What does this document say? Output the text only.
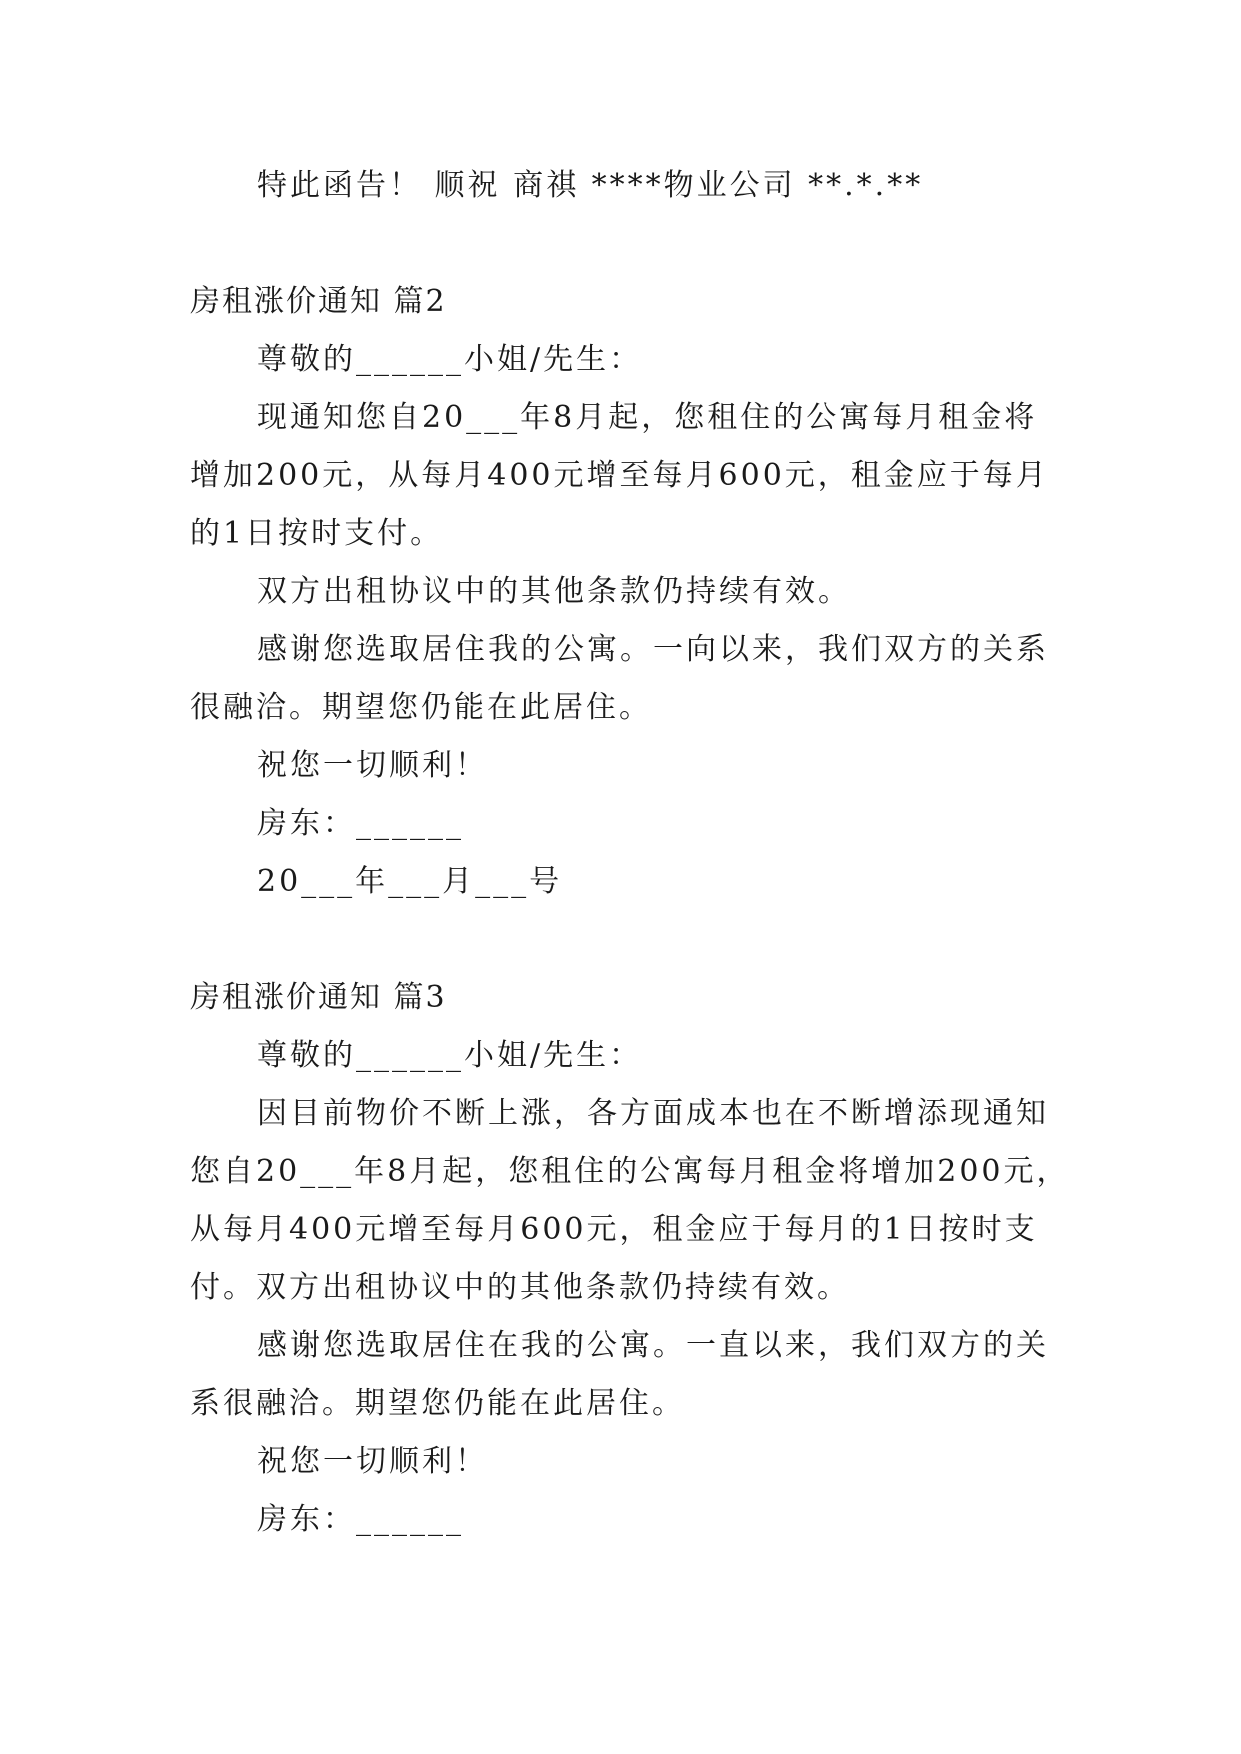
特此函告！ 顺祝 商祺 ****物业公司 **.*.**
房租涨价通知 篇2
尊敬的______小姐/先生：
现通知您自20___年8月起，您租住的公寓每月租金将
增加200元，从每月400元增至每月600元，租金应于每月
的1日按时支付。
双方出租协议中的其他条款仍持续有效。
感谢您选取居住我的公寓。一向以来，我们双方的关系
很融洽。期望您仍能在此居住。
祝您一切顺利！
房东：______
20___年___月___号
房租涨价通知 篇3
尊敬的______小姐/先生：
因目前物价不断上涨，各方面成本也在不断增添现通知
您自20___年8月起，您租住的公寓每月租金将增加200元，
从每月400元增至每月600元，租金应于每月的1日按时支
付。双方出租协议中的其他条款仍持续有效。
感谢您选取居住在我的公寓。一直以来，我们双方的关
系很融洽。期望您仍能在此居住。
祝您一切顺利！
房东：______
